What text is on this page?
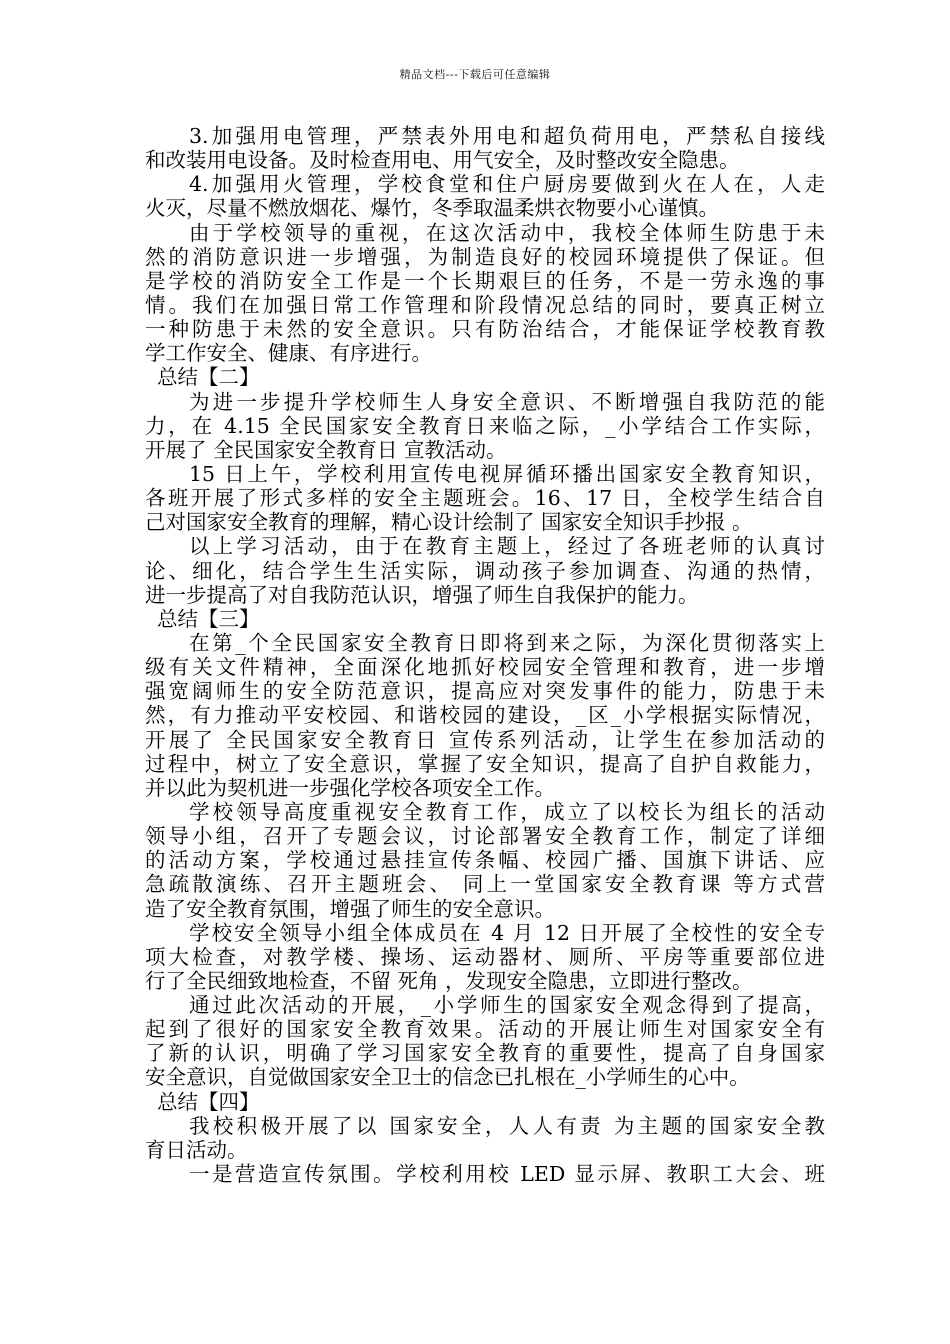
精品文档---下载后可任意编辑
3.加强用电管理，严禁表外用电和超负荷用电，严禁私自接线
和改装用电设备。及时检查用电、用气安全，及时整改安全隐患。
4.加强用火管理，学校食堂和住户厨房要做到火在人在，人走
火灭，尽量不燃放烟花、爆竹，冬季取温柔烘衣物要小心谨慎。
由于学校领导的重视，在这次活动中，我校全体师生防患于未
然的消防意识进一步增强，为制造良好的校园环境提供了保证。但
是学校的消防安全工作是一个长期艰巨的任务，不是一劳永逸的事
情。我们在加强日常工作管理和阶段情况总结的同时，要真正树立
一种防患于未然的安全意识。只有防治结合，才能保证学校教育教
学工作安全、健康、有序进行。
总结【二】
为进一步提升学校师生人身安全意识、不断增强自我防范的能
力，在 4.15 全民国家安全教育日来临之际，_小学结合工作实际，
开展了 全民国家安全教育日 宣教活动。
15 日上午，学校利用宣传电视屏循环播出国家安全教育知识，
各班开展了形式多样的安全主题班会。16、17 日，全校学生结合自
己对国家安全教育的理解，精心设计绘制了 国家安全知识手抄报 。
以上学习活动，由于在教育主题上，经过了各班老师的认真讨
论、细化，结合学生生活实际，调动孩子参加调查、沟通的热情，
进一步提高了对自我防范认识，增强了师生自我保护的能力。
总结【三】
在第_个全民国家安全教育日即将到来之际，为深化贯彻落实上
级有关文件精神，全面深化地抓好校园安全管理和教育，进一步增
强宽阔师生的安全防范意识，提高应对突发事件的能力，防患于未
然，有力推动平安校园、和谐校园的建设，_区_小学根据实际情况，
开展了 全民国家安全教育日 宣传系列活动，让学生在参加活动的
过程中，树立了安全意识，掌握了安全知识，提高了自护自救能力，
并以此为契机进一步强化学校各项安全工作。
学校领导高度重视安全教育工作，成立了以校长为组长的活动
领导小组，召开了专题会议，讨论部署安全教育工作，制定了详细
的活动方案，学校通过悬挂宣传条幅、校园广播、国旗下讲话、应
急疏散演练、召开主题班会、 同上一堂国家安全教育课 等方式营
造了安全教育氛围，增强了师生的安全意识。
学校安全领导小组全体成员在 4 月 12 日开展了全校性的安全专
项大检查，对教学楼、操场、运动器材、厕所、平房等重要部位进
行了全民细致地检查，不留 死角 ，发现安全隐患，立即进行整改。
通过此次活动的开展，_小学师生的国家安全观念得到了提高，
起到了很好的国家安全教育效果。活动的开展让师生对国家安全有
了新的认识，明确了学习国家安全教育的重要性，提高了自身国家
安全意识，自觉做国家安全卫士的信念已扎根在_小学师生的心中。
总结【四】
我校积极开展了以 国家安全，人人有责 为主题的国家安全教
育日活动。
一是营造宣传氛围。学校利用校 LED 显示屏、教职工大会、班
